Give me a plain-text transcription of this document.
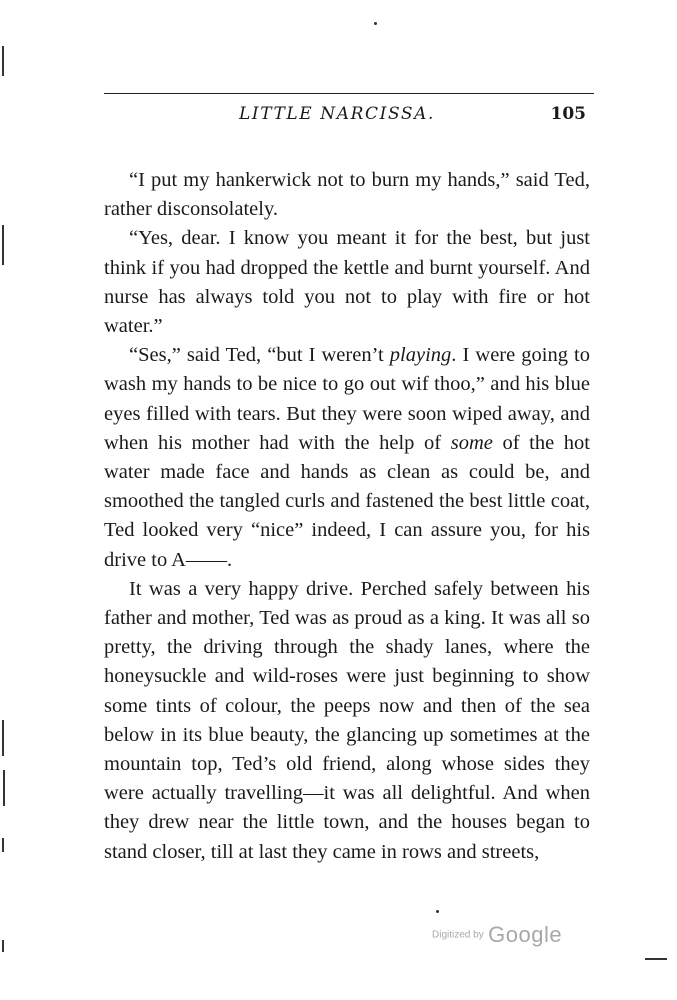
LITTLE NARCISSA.	105

“I put my hankerwick not to burn my hands,” said Ted, rather disconsolately.

“Yes, dear. I know you meant it for the best, but just think if you had dropped the kettle and burnt yourself. And nurse has always told you not to play with fire or hot water.”

“Ses,” said Ted, “but I weren’t playing. I were going to wash my hands to be nice to go out wif thoo,” and his blue eyes filled with tears. But they were soon wiped away, and when his mother had with the help of some of the hot water made face and hands as clean as could be, and smoothed the tangled curls and fastened the best little coat, Ted looked very “nice” indeed, I can assure you, for his drive to A——.

It was a very happy drive. Perched safely between his father and mother, Ted was as proud as a king. It was all so pretty, the driving through the shady lanes, where the honeysuckle and wild-roses were just beginning to show some tints of colour, the peeps now and then of the sea below in its blue beauty, the glancing up sometimes at the mountain top, Ted’s old friend, along whose sides they were actually travelling—it was all delightful. And when they drew near the little town, and the houses began to stand closer, till at last they came in rows and streets,

Digitized by Google
